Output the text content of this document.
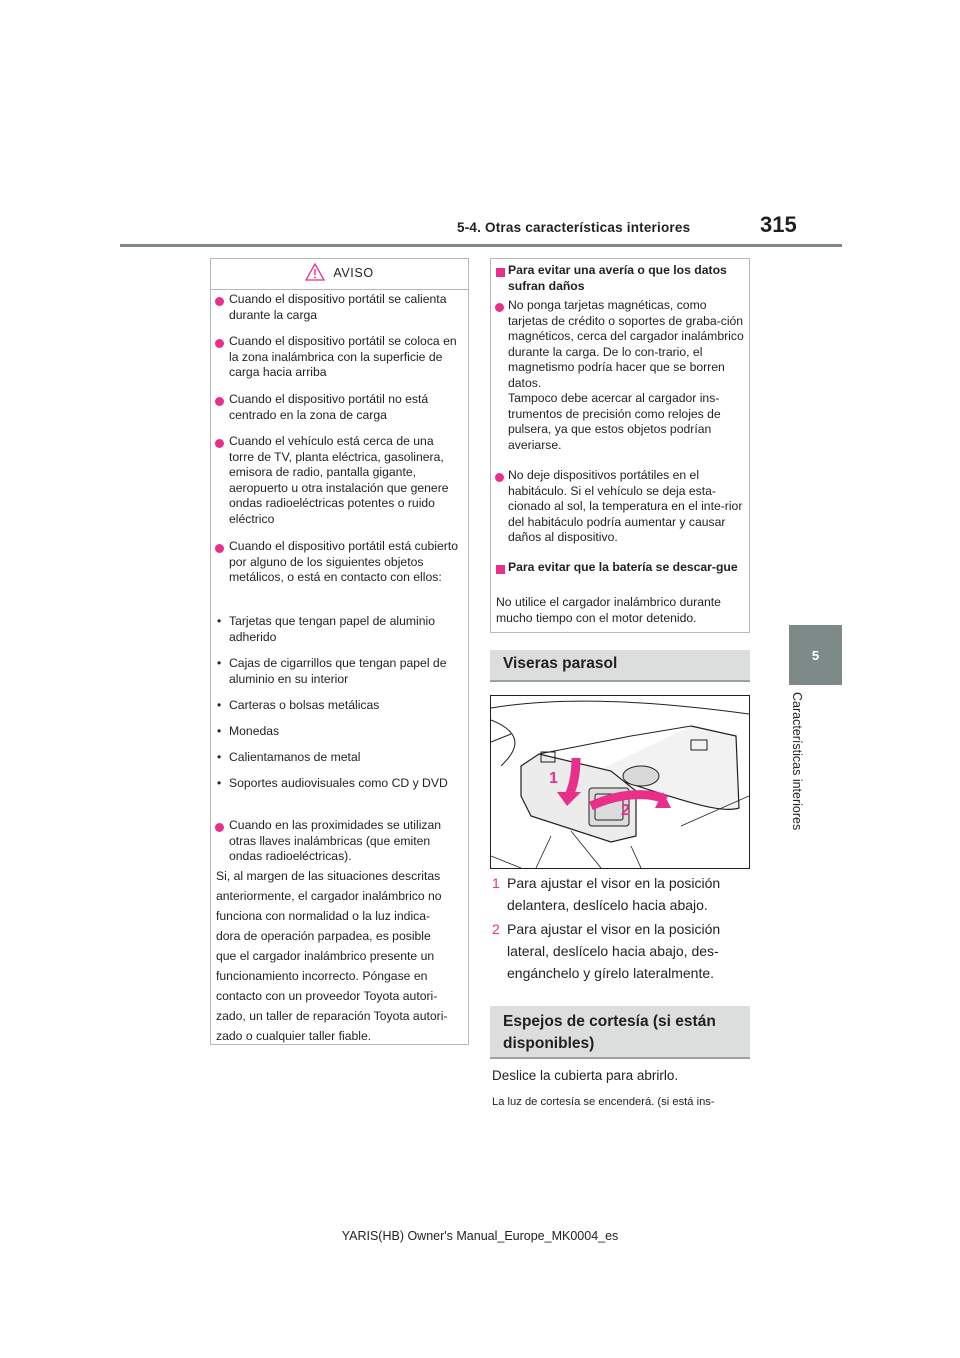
5-4. Otras características interiores	315
5
Características interiores
AVISO
Cuando el dispositivo portátil se calienta durante la carga
Cuando el dispositivo portátil se coloca en la zona inalámbrica con la superficie de carga hacia arriba
Cuando el dispositivo portátil no está centrado en la zona de carga
Cuando el vehículo está cerca de una torre de TV, planta eléctrica, gasolinera, emisora de radio, pantalla gigante, aeropuerto u otra instalación que genere ondas radioeléctricas potentes o ruido eléctrico
Cuando el dispositivo portátil está cubierto por alguno de los siguientes objetos metálicos, o está en contacto con ellos:
• Tarjetas que tengan papel de aluminio adherido
• Cajas de cigarrillos que tengan papel de aluminio en su interior
• Carteras o bolsas metálicas
• Monedas
• Calientamanos de metal
• Soportes audiovisuales como CD y DVD
Cuando en las proximidades se utilizan otras llaves inalámbricas (que emiten ondas radioeléctricas).
Si, al margen de las situaciones descritas
anteriormente, el cargador inalámbrico no
funciona con normalidad o la luz indica-
dora de operación parpadea, es posible
que el cargador inalámbrico presente un
funcionamiento incorrecto. Póngase en
contacto con un proveedor Toyota autori-
zado, un taller de reparación Toyota autori-
zado o cualquier taller fiable.
Para evitar una avería o que los datos sufran daños
No ponga tarjetas magnéticas, como tarjetas de crédito o soportes de graba-ción magnéticos, cerca del cargador inalámbrico durante la carga. De lo con-trario, el magnetismo podría hacer que se borren datos.
Tampoco debe acercar al cargador ins-trumentos de precisión como relojes de pulsera, ya que estos objetos podrían averiarse.
No deje dispositivos portátiles en el habitáculo. Si el vehículo se deja esta-cionado al sol, la temperatura en el inte-rior del habitáculo podría aumentar y causar daños al dispositivo.
Para evitar que la batería se descar-gue
No utilice el cargador inalámbrico durante mucho tiempo con el motor detenido.
Viseras parasol
1
2
1 Para ajustar el visor en la posición
delantera, deslícelo hacia abajo.
2 Para ajustar el visor en la posición
lateral, deslícelo hacia abajo, des-
engánchelo y gírelo lateralmente.
Espejos de cortesía (si están
disponibles)
Deslice la cubierta para abrirlo.
La luz de cortesía se encenderá. (si está ins-
YARIS(HB) Owner's Manual_Europe_MK0004_es
